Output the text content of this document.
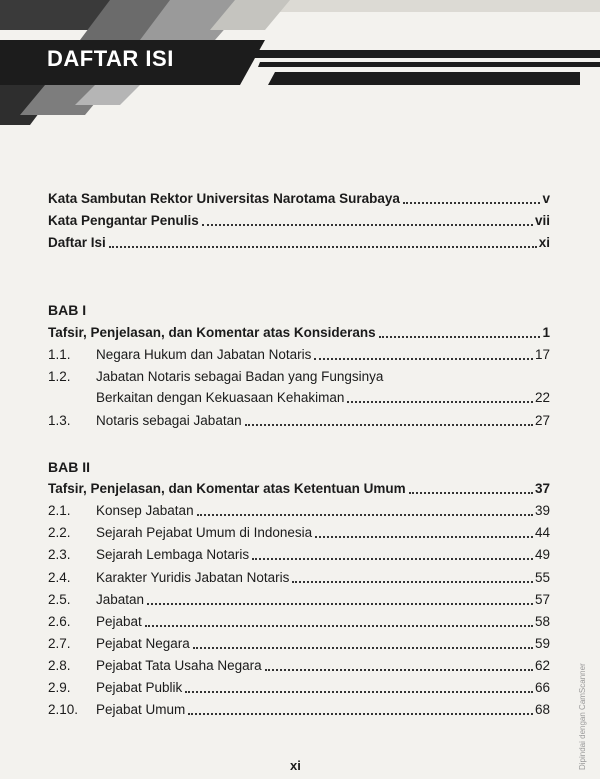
DAFTAR ISI
Kata Sambutan Rektor Universitas Narotama Surabaya	v
Kata Pengantar Penulis	vii
Daftar Isi	xi
BAB I
Tafsir, Penjelasan, dan Komentar atas Konsiderans	1
1.1.	Negara Hukum dan Jabatan Notaris	17
1.2.	Jabatan Notaris sebagai Badan yang Fungsinya
Berkaitan dengan Kekuasaan Kehakiman	22
1.3.	Notaris sebagai Jabatan	27
BAB II
Tafsir, Penjelasan, dan Komentar atas Ketentuan Umum	37
2.1.	Konsep Jabatan	39
2.2.	Sejarah Pejabat Umum di Indonesia	44
2.3.	Sejarah Lembaga Notaris	49
2.4.	Karakter Yuridis Jabatan Notaris	55
2.5.	Jabatan	57
2.6.	Pejabat	58
2.7.	Pejabat Negara	59
2.8.	Pejabat Tata Usaha Negara	62
2.9.	Pejabat Publik	66
2.10.	Pejabat Umum	68
xi	Dipindai dengan CamScanner
